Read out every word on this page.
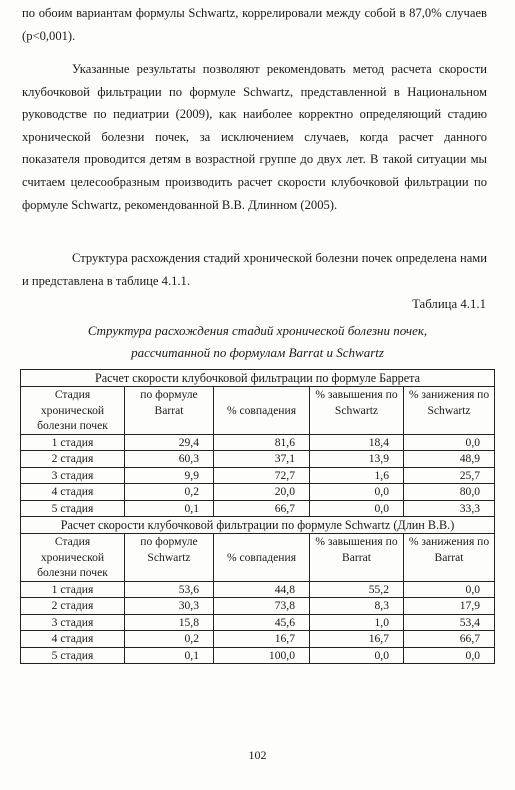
по обоим вариантам формулы Schwartz, коррелировали между собой в 87,0% случаев (p<0,001).

Указанные результаты позволяют рекомендовать метод расчета скорости клубочковой фильтрации по формуле Schwartz, представленной в Национальном руководстве по педиатрии (2009), как наиболее корректно определяющий стадию хронической болезни почек, за исключением случаев, когда расчет данного показателя проводится детям в возрастной группе до двух лет. В такой ситуации мы считаем целесообразным производить расчет скорости клубочковой фильтрации по формуле Schwartz, рекомендованной В.В. Длинном (2005).

Структура расхождения стадий хронической болезни почек определена нами и представлена в таблице 4.1.1.

Таблица 4.1.1
Структура расхождения стадий хронической болезни почек,
рассчитанной по формулам Barrat и Schwartz
Расчет скорости клубочковой фильтрации по формуле Баррета				
Стадия хронической болезни почек	по формуле Barrat	% совпадения	% завышения по Schwartz	% занижения по Schwartz
1 стадия	29,4	81,6	18,4	0,0
2 стадия	60,3	37,1	13,9	48,9
3 стадия	9,9	72,7	1,6	25,7
4 стадия	0,2	20,0	0,0	80,0
5 стадия	0,1	66,7	0,0	33,3
Расчет скорости клубочковой фильтрации по формуле Schwartz (Длин В.В.)				
Стадия хронической болезни почек	по формуле Schwartz	% совпадения	% завышения по Barrat	% занижения по Barrat
1 стадия	53,6	44,8	55,2	0,0
2 стадия	30,3	73,8	8,3	17,9
3 стадия	15,8	45,6	1,0	53,4
4 стадия	0,2	16,7	16,7	66,7
5 стадия	0,1	100,0	0,0	0,0
102
